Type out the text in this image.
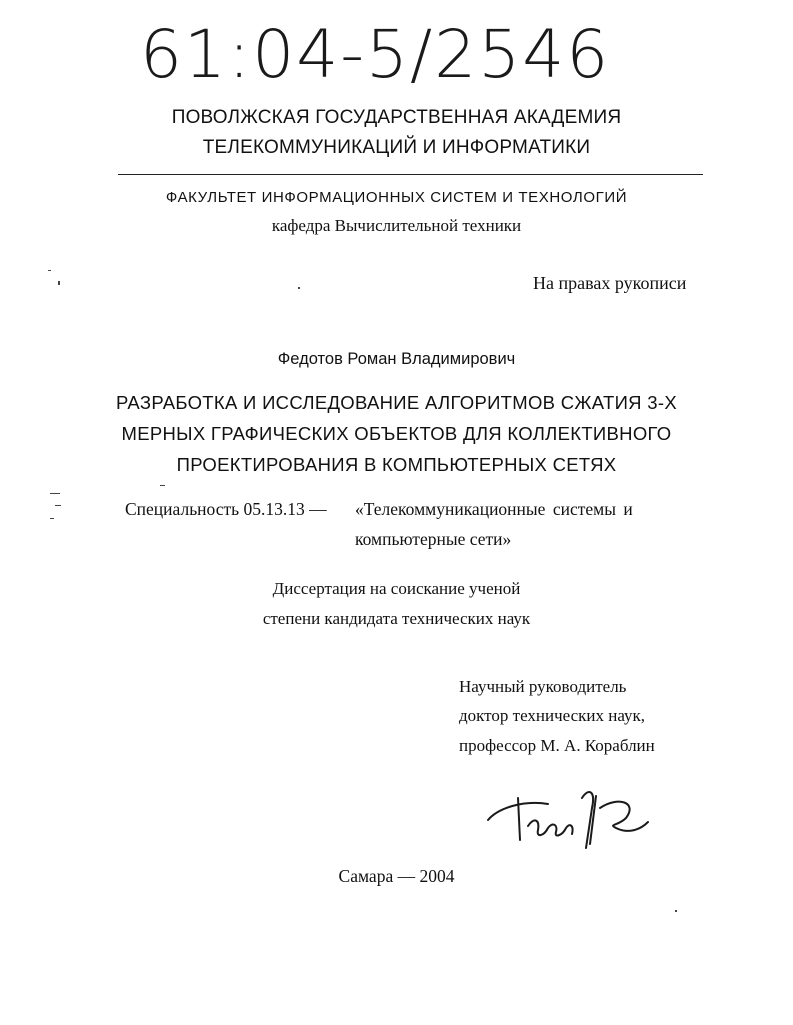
61:04-5/2546
ПОВОЛЖСКАЯ ГОСУДАРСТВЕННАЯ АКАДЕМИЯ
ТЕЛЕКОММУНИКАЦИЙ И ИНФОРМАТИКИ
ФАКУЛЬТЕТ ИНФОРМАЦИОННЫХ СИСТЕМ И ТЕХНОЛОГИЙ
кафедра Вычислительной техники
На правах рукописи
Федотов Роман Владимирович
РАЗРАБОТКА И ИССЛЕДОВАНИЕ АЛГОРИТМОВ СЖАТИЯ 3-Х
МЕРНЫХ ГРАФИЧЕСКИХ ОБЪЕКТОВ ДЛЯ КОЛЛЕКТИВНОГО
ПРОЕКТИРОВАНИЯ В КОМПЬЮТЕРНЫХ СЕТЯХ
Специальность 05.13.13 — «Телекоммуникационные системы и
компьютерные сети»
Диссертация на соискание ученой
степени кандидата технических наук
Научный руководитель
доктор технических наук,
профессор М. А. Кораблин
Самара — 2004
